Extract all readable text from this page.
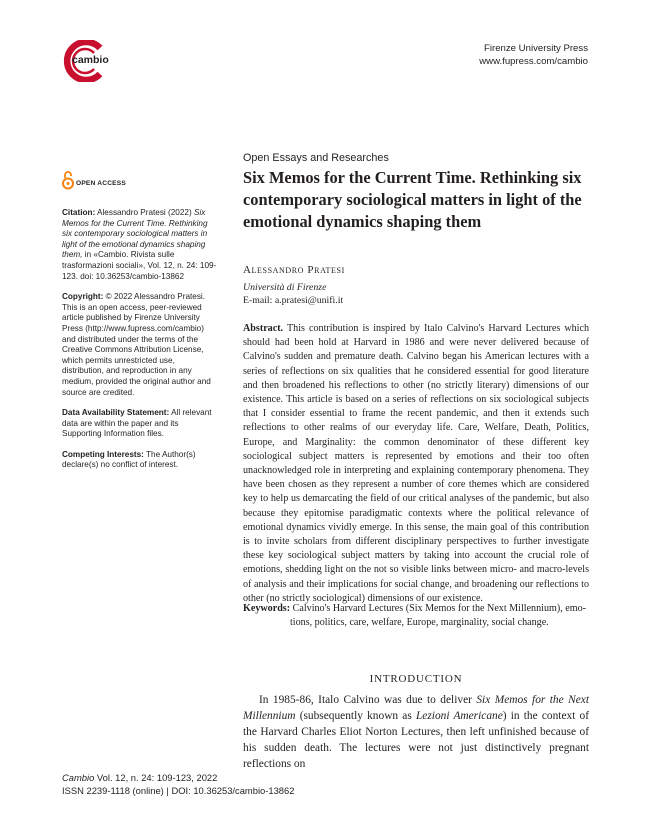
cambio
Firenze University Press
www.fupress.com/cambio
OPEN ACCESS

Citation: Alessandro Pratesi (2022) Six Memos for the Current Time. Rethinking six contemporary sociological matters in light of the emotional dynamics shaping them, in «Cambio. Rivista sulle trasformazioni sociali», Vol. 12, n. 24: 109-123. doi: 10.36253/cambio-13862

Copyright: © 2022 Alessandro Pratesi. This is an open access, peer-reviewed article published by Firenze University Press (http://www.fupress.com/cambio) and distributed under the terms of the Creative Commons Attribution License, which permits unrestricted use, distribution, and reproduction in any medium, provided the original author and source are credited.

Data Availability Statement: All relevant data are within the paper and its Supporting Information files.

Competing Interests: The Author(s) declare(s) no conflict of interest.

Open Essays and Researches
Six Memos for the Current Time. Rethinking six contemporary sociological matters in light of the emotional dynamics shaping them
Alessandro Pratesi
Università di Firenze
E-mail: a.pratesi@unifi.it
Abstract. This contribution is inspired by Italo Calvino's Harvard Lectures which should had been hold at Harvard in 1986 and were never delivered because of Calvino's sudden and premature death. Calvino began his American lectures with a series of reflections on six qualities that he considered essential for good literature and then broadened his reflections to other (no strictly literary) dimensions of our existence. This article is based on a series of reflections on six sociological subjects that I consider essential to frame the recent pandemic, and then it extends such reflections to other realms of our everyday life. Care, Welfare, Death, Politics, Europe, and Marginality: the common denominator of these different key sociological subject matters is represented by emotions and their too often unacknowledged role in interpreting and explaining contemporary phenomena. They have been chosen as they represent a number of core themes which are considered key to help us demarcating the field of our critical analyses of the pandemic, but also because they epitomise paradigmatic contexts where the political relevance of emotional dynamics vividly emerge. In this sense, the main goal of this contribution is to invite scholars from different disciplinary perspectives to further investigate these key sociological subject matters by taking into account the crucial role of emotions, shedding light on the not so visible links between micro- and macro-levels of analysis and their implications for social change, and broadening our reflections to other (no strictly sociological) dimensions of our existence.
Keywords: Calvino's Harvard Lectures (Six Memos for the Next Millennium), emo-
tions, politics, care, welfare, Europe, marginality, social change.
INTRODUCTION
In 1985-86, Italo Calvino was due to deliver Six Memos for the Next Millennium (subsequently known as Lezioni Americane) in the context of the Harvard Charles Eliot Norton Lectures, then left unfinished because of his sudden death. The lectures were not just distinctively pregnant reflections on
Cambio Vol. 12, n. 24: 109-123, 2022
ISSN 2239-1118 (online) | DOI: 10.36253/cambio-13862
